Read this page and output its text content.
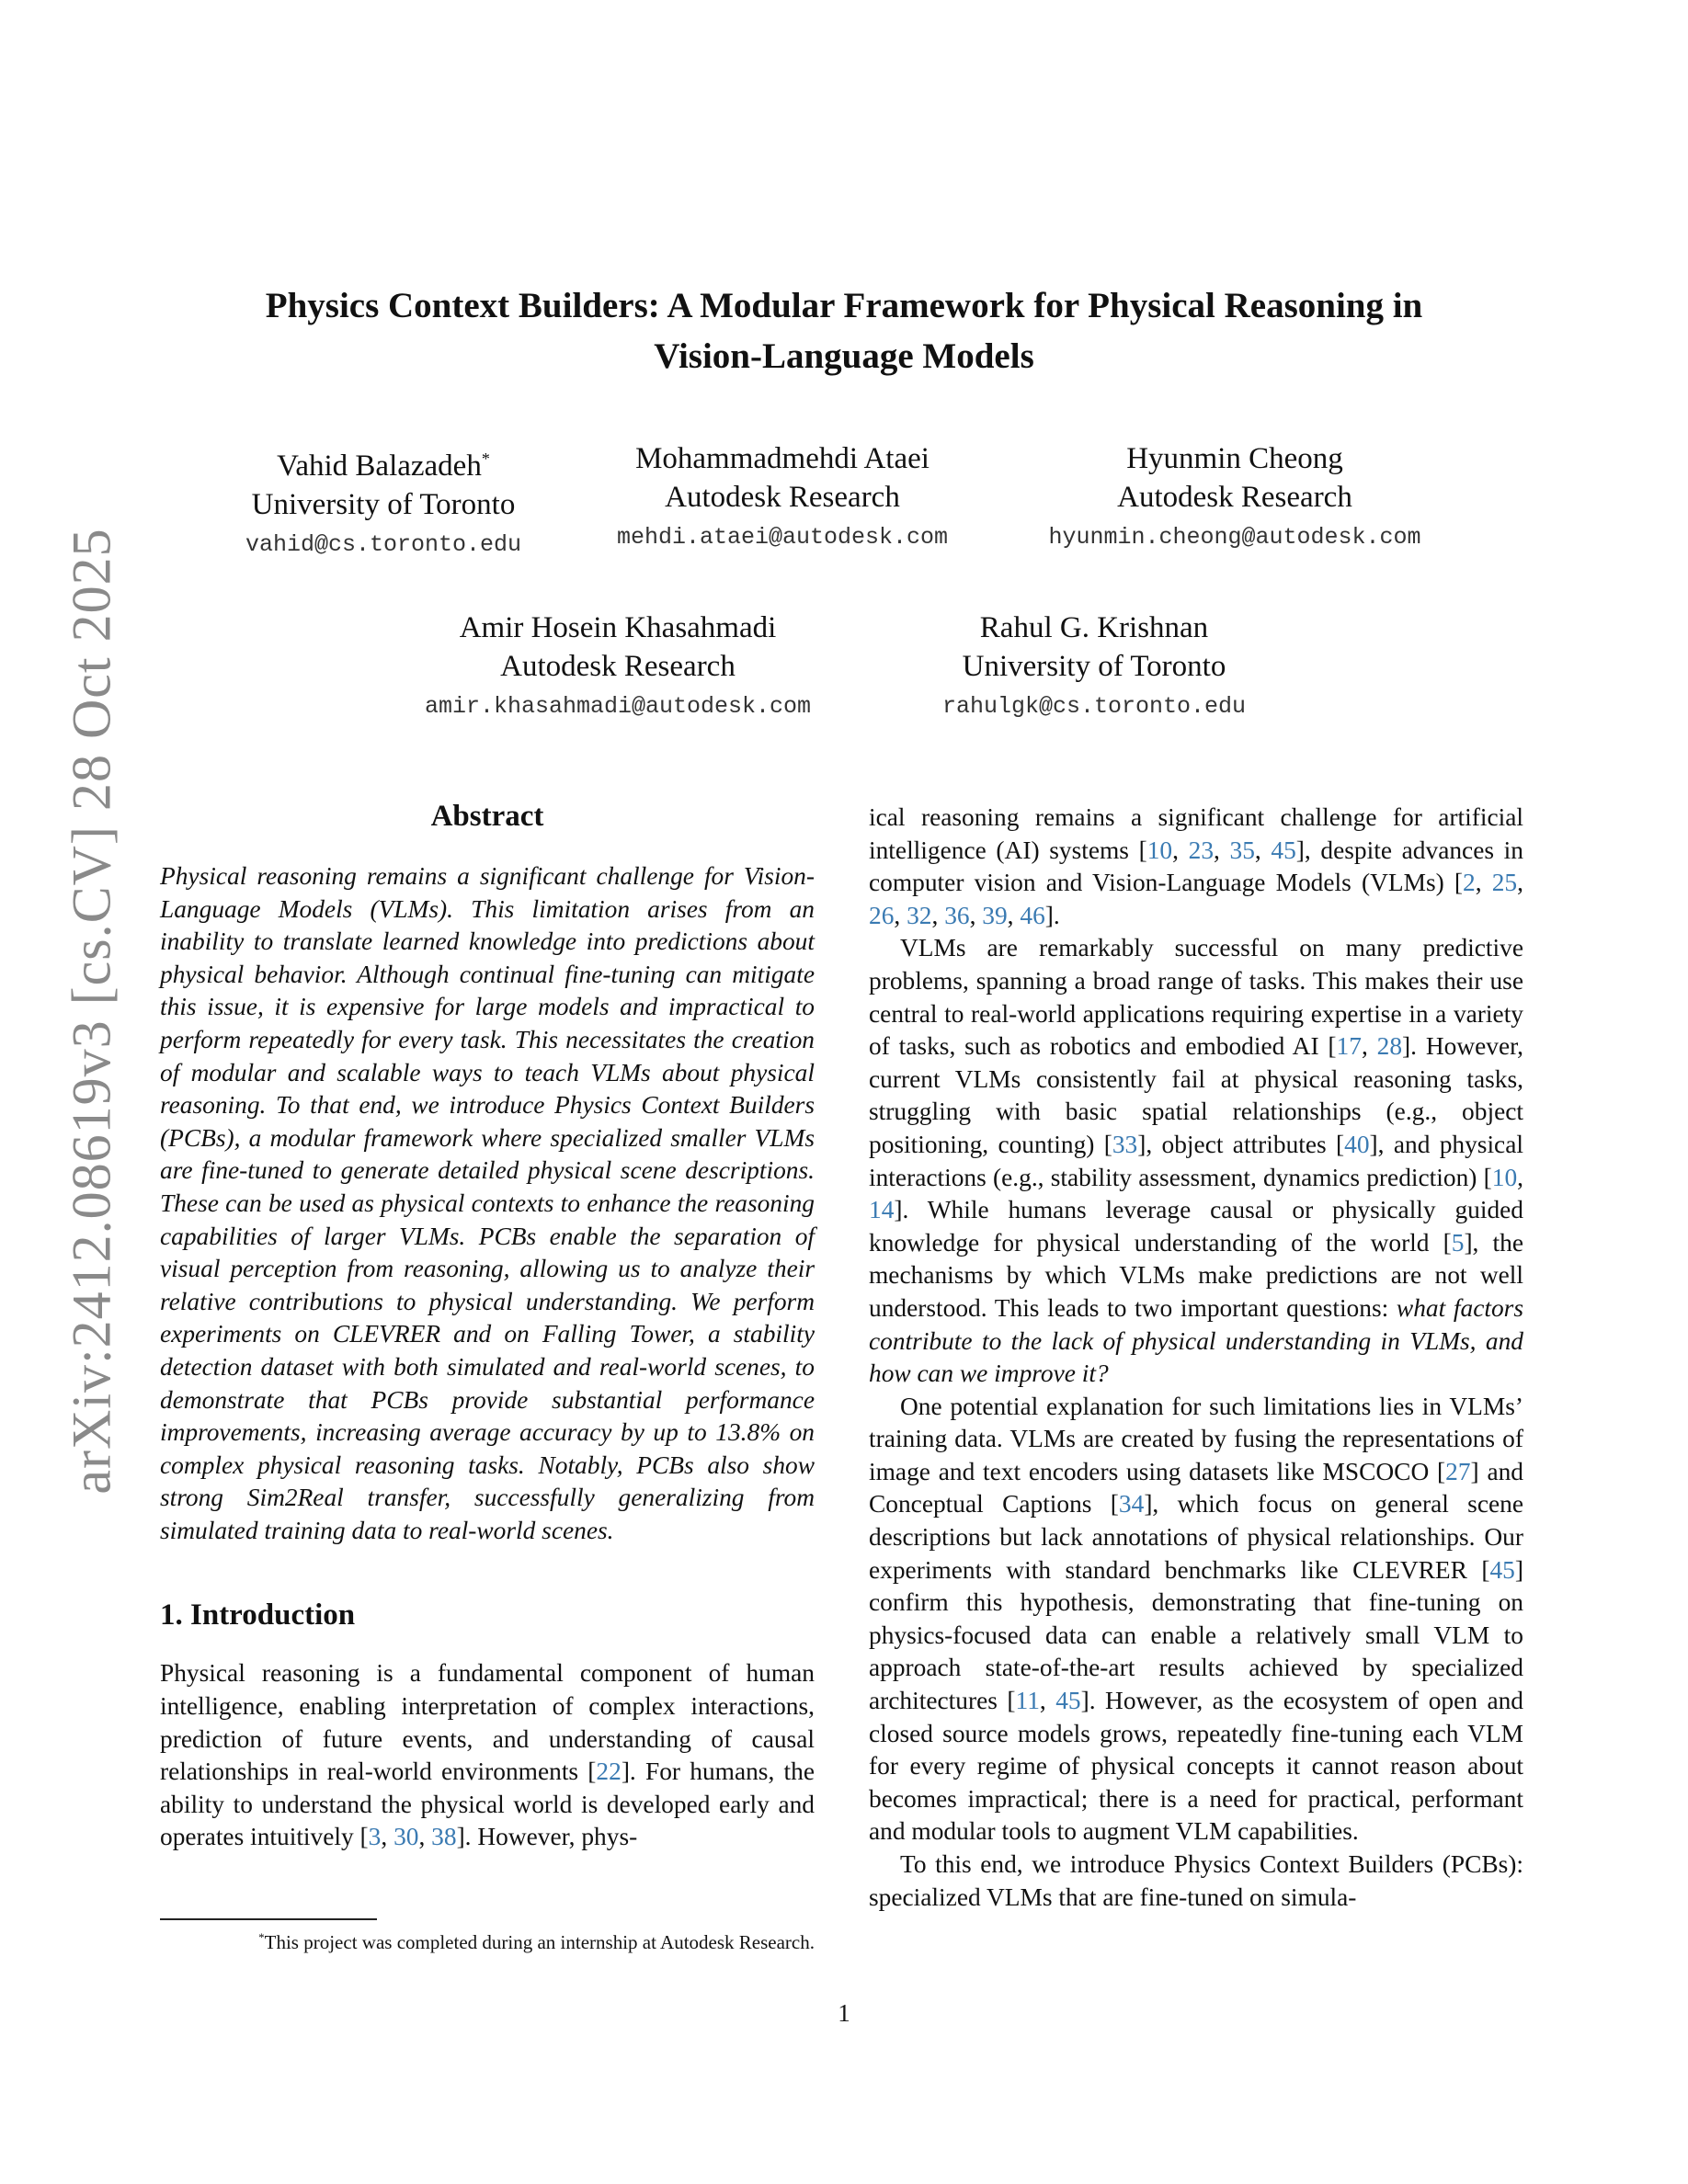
arXiv:2412.08619v3 [cs.CV] 28 Oct 2025
Physics Context Builders: A Modular Framework for Physical Reasoning in
Vision-Language Models
Vahid Balazadeh*
University of Toronto
vahid@cs.toronto.edu
Mohammadmehdi Ataei
Autodesk Research
mehdi.ataei@autodesk.com
Hyunmin Cheong
Autodesk Research
hyunmin.cheong@autodesk.com
Amir Hosein Khasahmadi
Autodesk Research
amir.khasahmadi@autodesk.com
Rahul G. Krishnan
University of Toronto
rahulgk@cs.toronto.edu
Abstract

Physical reasoning remains a significant challenge for Vision-Language Models (VLMs). This limitation arises from an inability to translate learned knowledge into predictions about physical behavior. Although continual fine-tuning can mitigate this issue, it is expensive for large models and impractical to perform repeatedly for every task. This necessitates the creation of modular and scalable ways to teach VLMs about physical reasoning. To that end, we introduce Physics Context Builders (PCBs), a modular framework where specialized smaller VLMs are fine-tuned to generate detailed physical scene descriptions. These can be used as physical contexts to enhance the reasoning capabilities of larger VLMs. PCBs enable the separation of visual perception from reasoning, allowing us to analyze their relative contributions to physical understanding. We perform experiments on CLEVRER and on Falling Tower, a stability detection dataset with both simulated and real-world scenes, to demonstrate that PCBs provide substantial performance improvements, increasing average accuracy by up to 13.8% on complex physical reasoning tasks. Notably, PCBs also show strong Sim2Real transfer, successfully generalizing from simulated training data to real-world scenes.

1. Introduction

Physical reasoning is a fundamental component of human intelligence, enabling interpretation of complex interactions, prediction of future events, and understanding of causal relationships in real-world environments [22]. For humans, the ability to understand the physical world is developed early and operates intuitively [3, 30, 38]. However, phys-

*This project was completed during an internship at Autodesk Research.

ical reasoning remains a significant challenge for artificial intelligence (AI) systems [10, 23, 35, 45], despite advances in computer vision and Vision-Language Models (VLMs) [2, 25, 26, 32, 36, 39, 46].

VLMs are remarkably successful on many predictive problems, spanning a broad range of tasks. This makes their use central to real-world applications requiring expertise in a variety of tasks, such as robotics and embodied AI [17, 28]. However, current VLMs consistently fail at physical reasoning tasks, struggling with basic spatial relationships (e.g., object positioning, counting) [33], object attributes [40], and physical interactions (e.g., stability assessment, dynamics prediction) [10, 14]. While humans leverage causal or physically guided knowledge for physical understanding of the world [5], the mechanisms by which VLMs make predictions are not well understood. This leads to two important questions: what factors contribute to the lack of physical understanding in VLMs, and how can we improve it?

One potential explanation for such limitations lies in VLMs’ training data. VLMs are created by fusing the representations of image and text encoders using datasets like MSCOCO [27] and Conceptual Captions [34], which focus on general scene descriptions but lack annotations of physical relationships. Our experiments with standard benchmarks like CLEVRER [45] confirm this hypothesis, demonstrating that fine-tuning on physics-focused data can enable a relatively small VLM to approach state-of-the-art results achieved by specialized architectures [11, 45]. However, as the ecosystem of open and closed source models grows, repeatedly fine-tuning each VLM for every regime of physical concepts it cannot reason about becomes impractical; there is a need for practical, performant and modular tools to augment VLM capabilities.

To this end, we introduce Physics Context Builders (PCBs): specialized VLMs that are fine-tuned on simula-

1
